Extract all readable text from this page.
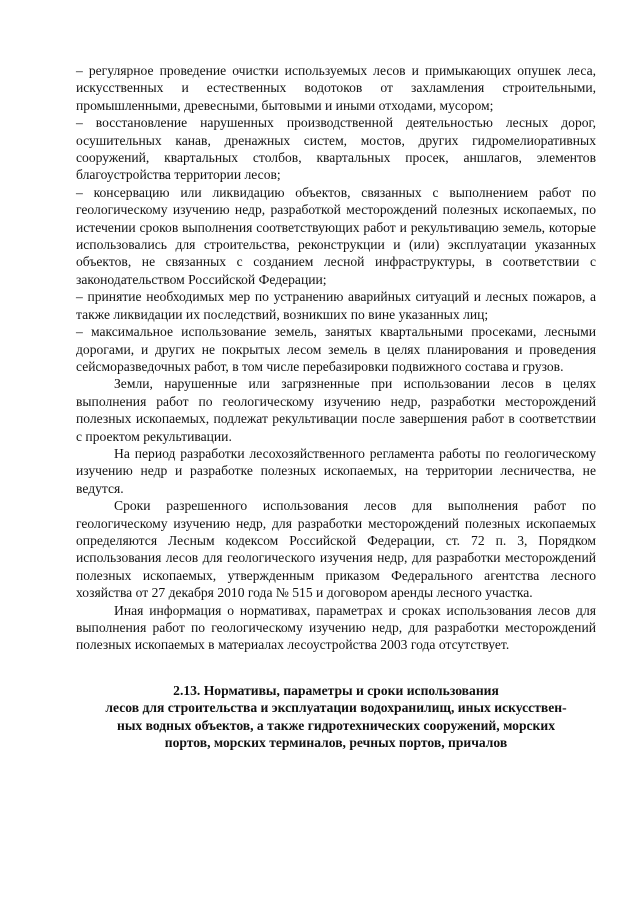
– регулярное проведение очистки используемых лесов и примыкающих опушек леса, искусственных и естественных водотоков от захламления строительными, промышленными, древесными, бытовыми и иными отходами, мусором;

– восстановление нарушенных производственной деятельностью лесных дорог, осушительных канав, дренажных систем, мостов, других гидромелиоративных сооружений, квартальных столбов, квартальных просек, аншлагов, элементов благоустройства территории лесов;

– консервацию или ликвидацию объектов, связанных с выполнением работ по геологическому изучению недр, разработкой месторождений полезных ископаемых, по истечении сроков выполнения соответствующих работ и рекультивацию земель, которые использовались для строительства, реконструкции и (или) эксплуатации указанных объектов, не связанных с созданием лесной инфраструктуры, в соответствии с законодательством Российской Федерации;

– принятие необходимых мер по устранению аварийных ситуаций и лесных пожаров, а также ликвидации их последствий, возникших по вине указанных лиц;

– максимальное использование земель, занятых квартальными просеками, лесными дорогами, и других не покрытых лесом земель в целях планирования и проведения сейсморазведочных работ, в том числе перебазировки подвижного состава и грузов.

Земли, нарушенные или загрязненные при использовании лесов в целях выполнения работ по геологическому изучению недр, разработки месторождений полезных ископаемых, подлежат рекультивации после завершения работ в соответствии с проектом рекультивации.

На период разработки лесохозяйственного регламента работы по геологическому изучению недр и разработке полезных ископаемых, на территории лесничества, не ведутся.

Сроки разрешенного использования лесов для выполнения работ по геологическому изучению недр, для разработки месторождений полезных ископаемых определяются Лесным кодексом Российской Федерации, ст. 72 п. 3, Порядком использования лесов для геологического изучения недр, для разработки месторождений полезных ископаемых, утвержденным приказом Федерального агентства лесного хозяйства от 27 декабря 2010 года № 515 и договором аренды лесного участка.

Иная информация о нормативах, параметрах и сроках использования лесов для выполнения работ по геологическому изучению недр, для разработки месторождений полезных ископаемых в материалах лесоустройства 2003 года отсутствует.

2.13. Нормативы, параметры и сроки использования
лесов для строительства и эксплуатации водохранилищ, иных искусствен-
ных водных объектов, а также гидротехнических сооружений, морских
портов, морских терминалов, речных портов, причалов
